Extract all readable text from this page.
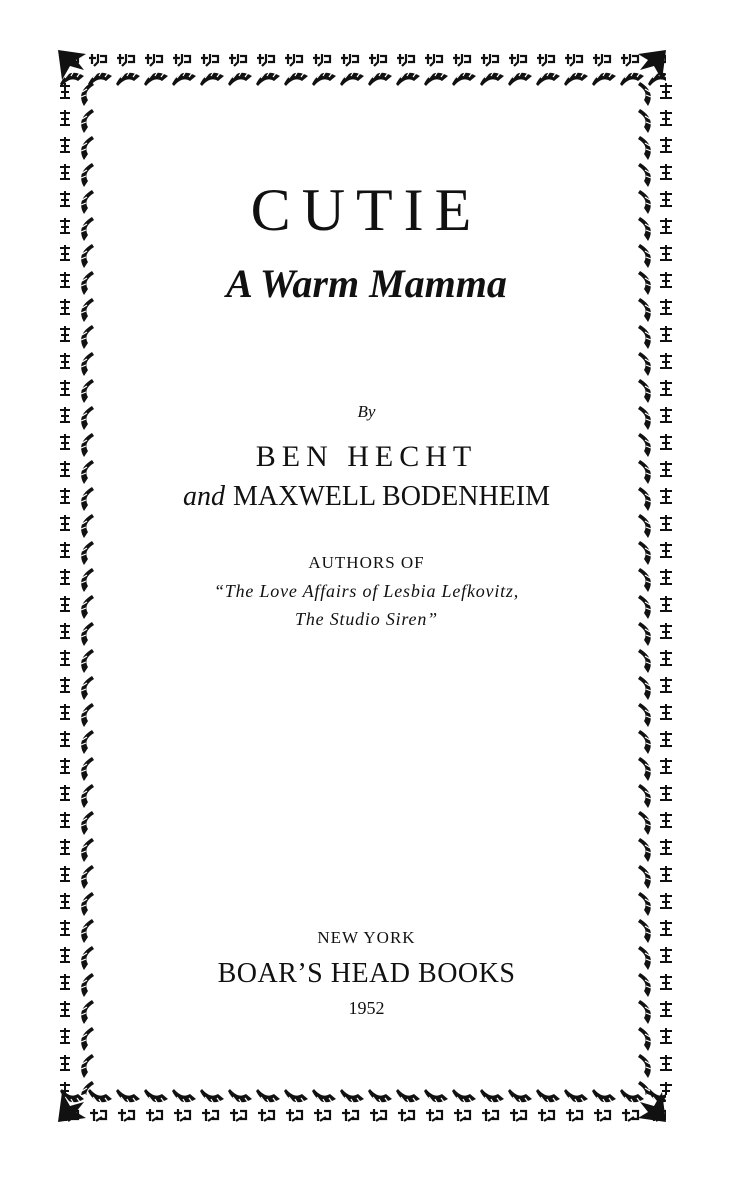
CUTIE
A Warm Mamma
By
BEN HECHT
and MAXWELL BODENHEIM
AUTHORS OF
“The Love Affairs of Lesbia Lefkovitz,
The Studio Siren”
NEW YORK
BOAR’S HEAD BOOKS
1952
